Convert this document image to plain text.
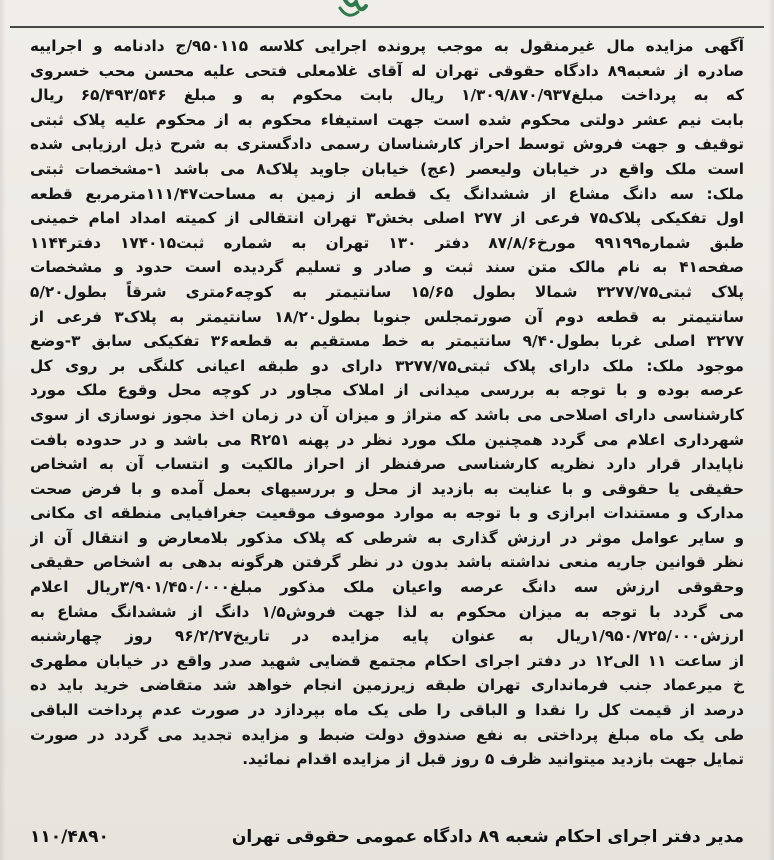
آگهی مزایده مال غیرمنقول به موجب پرونده اجرایی کلاسه ۹۵۰۱۱۵/ج دادنامه و اجراییه
صادره از شعبه۸۹ دادگاه حقوقی تهران له آقای غلامعلی فتحی علیه محسن محب خسروی
که به پرداخت مبلغ۱/۳۰۹/۸۷۰/۹۳۷ ریال بابت محکوم به و مبلغ ۶۵/۴۹۳/۵۴۶ ریال
بابت نیم عشر دولتی محکوم شده است جهت استیفاء محکوم به از محکوم علیه پلاک ثبتی
توقیف و جهت فروش توسط احراز کارشناسان رسمی دادگستری به شرح ذیل ارزیابی شده
است ملک واقع در خیابان ولیعصر (عج) خیابان جاوید پلاک۸ می باشد ۱-مشخصات ثبتی
ملک: سه دانگ مشاع از ششدانگ یک قطعه از زمین به مساحت۱۱۱/۴۷مترمربع قطعه
اول تفکیکی پلاک۷۵ فرعی از ۲۷۷ اصلی بخش۳ تهران انتقالی از کمیته امداد امام خمینی
طبق شماره۹۹۱۹۹ مورخ۸۷/۸/۶ دفتر ۱۳۰ تهران به شماره ثبت۱۷۴۰۱۵ دفتر۱۱۴۴
صفحه۴۱ به نام مالک متن سند ثبت و صادر و تسلیم گردیده است حدود و مشخصات
پلاک ثبتی۳۲۷۷/۷۵ شمالا بطول ۱۵/۶۵ سانتیمتر به کوچه۶متری شرقاً بطول۵/۲۰
سانتیمتر به قطعه دوم آن صورتمجلس جنوبا بطول۱۸/۲۰ سانتیمتر به پلاک۳ فرعی از
۳۲۷۷ اصلی غربا بطول۹/۴۰ سانتیمتر به خط مستقیم به قطعه۳۶ تفکیکی سابق ۳-وضع
موجود ملک: ملک دارای پلاک ثبتی۳۲۷۷/۷۵ دارای دو طبقه اعیانی کلنگی بر روی کل
عرصه بوده و با توجه به بررسی میدانی از املاک مجاور در کوچه محل وقوع ملک مورد
کارشناسی دارای اصلاحی می باشد که متراژ و میزان آن در زمان اخذ مجوز نوسازی از سوی
شهرداری اعلام می گردد همچنین ملک مورد نظر در پهنه R۲۵۱ می باشد و در حدوده بافت
ناپایدار قرار دارد نظریه کارشناسی صرفنظر از احراز مالکیت و انتساب آن به اشخاص
حقیقی یا حقوقی و با عنایت به بازدید از محل و بررسیهای بعمل آمده و با فرض صحت
مدارک و مستندات ابرازی و با توجه به موارد موصوف موقعیت جغرافیایی منطقه ای مکانی
و سایر عوامل موثر در ارزش گذاری به شرطی که پلاک مذکور بلامعارض و انتقال آن از
نظر قوانین جاریه منعی نداشته باشد بدون در نظر گرفتن هرگونه بدهی به اشخاص حقیقی
وحقوقی ارزش سه دانگ عرصه واعیان ملک مذکور مبلغ۳/۹۰۱/۴۵۰/۰۰۰ریال اعلام
می گردد با توجه به میزان محکوم به لذا جهت فروش۱/۵ دانگ از ششدانگ مشاع به
ارزش۱/۹۵۰/۷۲۵/۰۰۰ریال به عنوان پایه مزایده در تاریخ۹۶/۲/۲۷ روز چهارشنبه
از ساعت ۱۱ الی۱۲ در دفتر اجرای احکام مجتمع قضایی شهید صدر واقع در خیابان مطهری
خ میرعماد جنب فرمانداری تهران طبقه زیرزمین انجام خواهد شد متقاضی خرید باید ده
درصد از قیمت کل را نقدا و الباقی را طی یک ماه بپردازد در صورت عدم پرداخت الباقی
طی یک ماه مبلغ پرداختی به نفع صندوق دولت ضبط و مزایده تجدید می گردد در صورت
تمایل جهت بازدید میتوانید ظرف ۵ روز قبل از مزایده اقدام نمائید.
مدیر دفتر اجرای احکام شعبه ۸۹ دادگاه عمومی حقوقی تهران
۱۱۰/۴۸۹۰
